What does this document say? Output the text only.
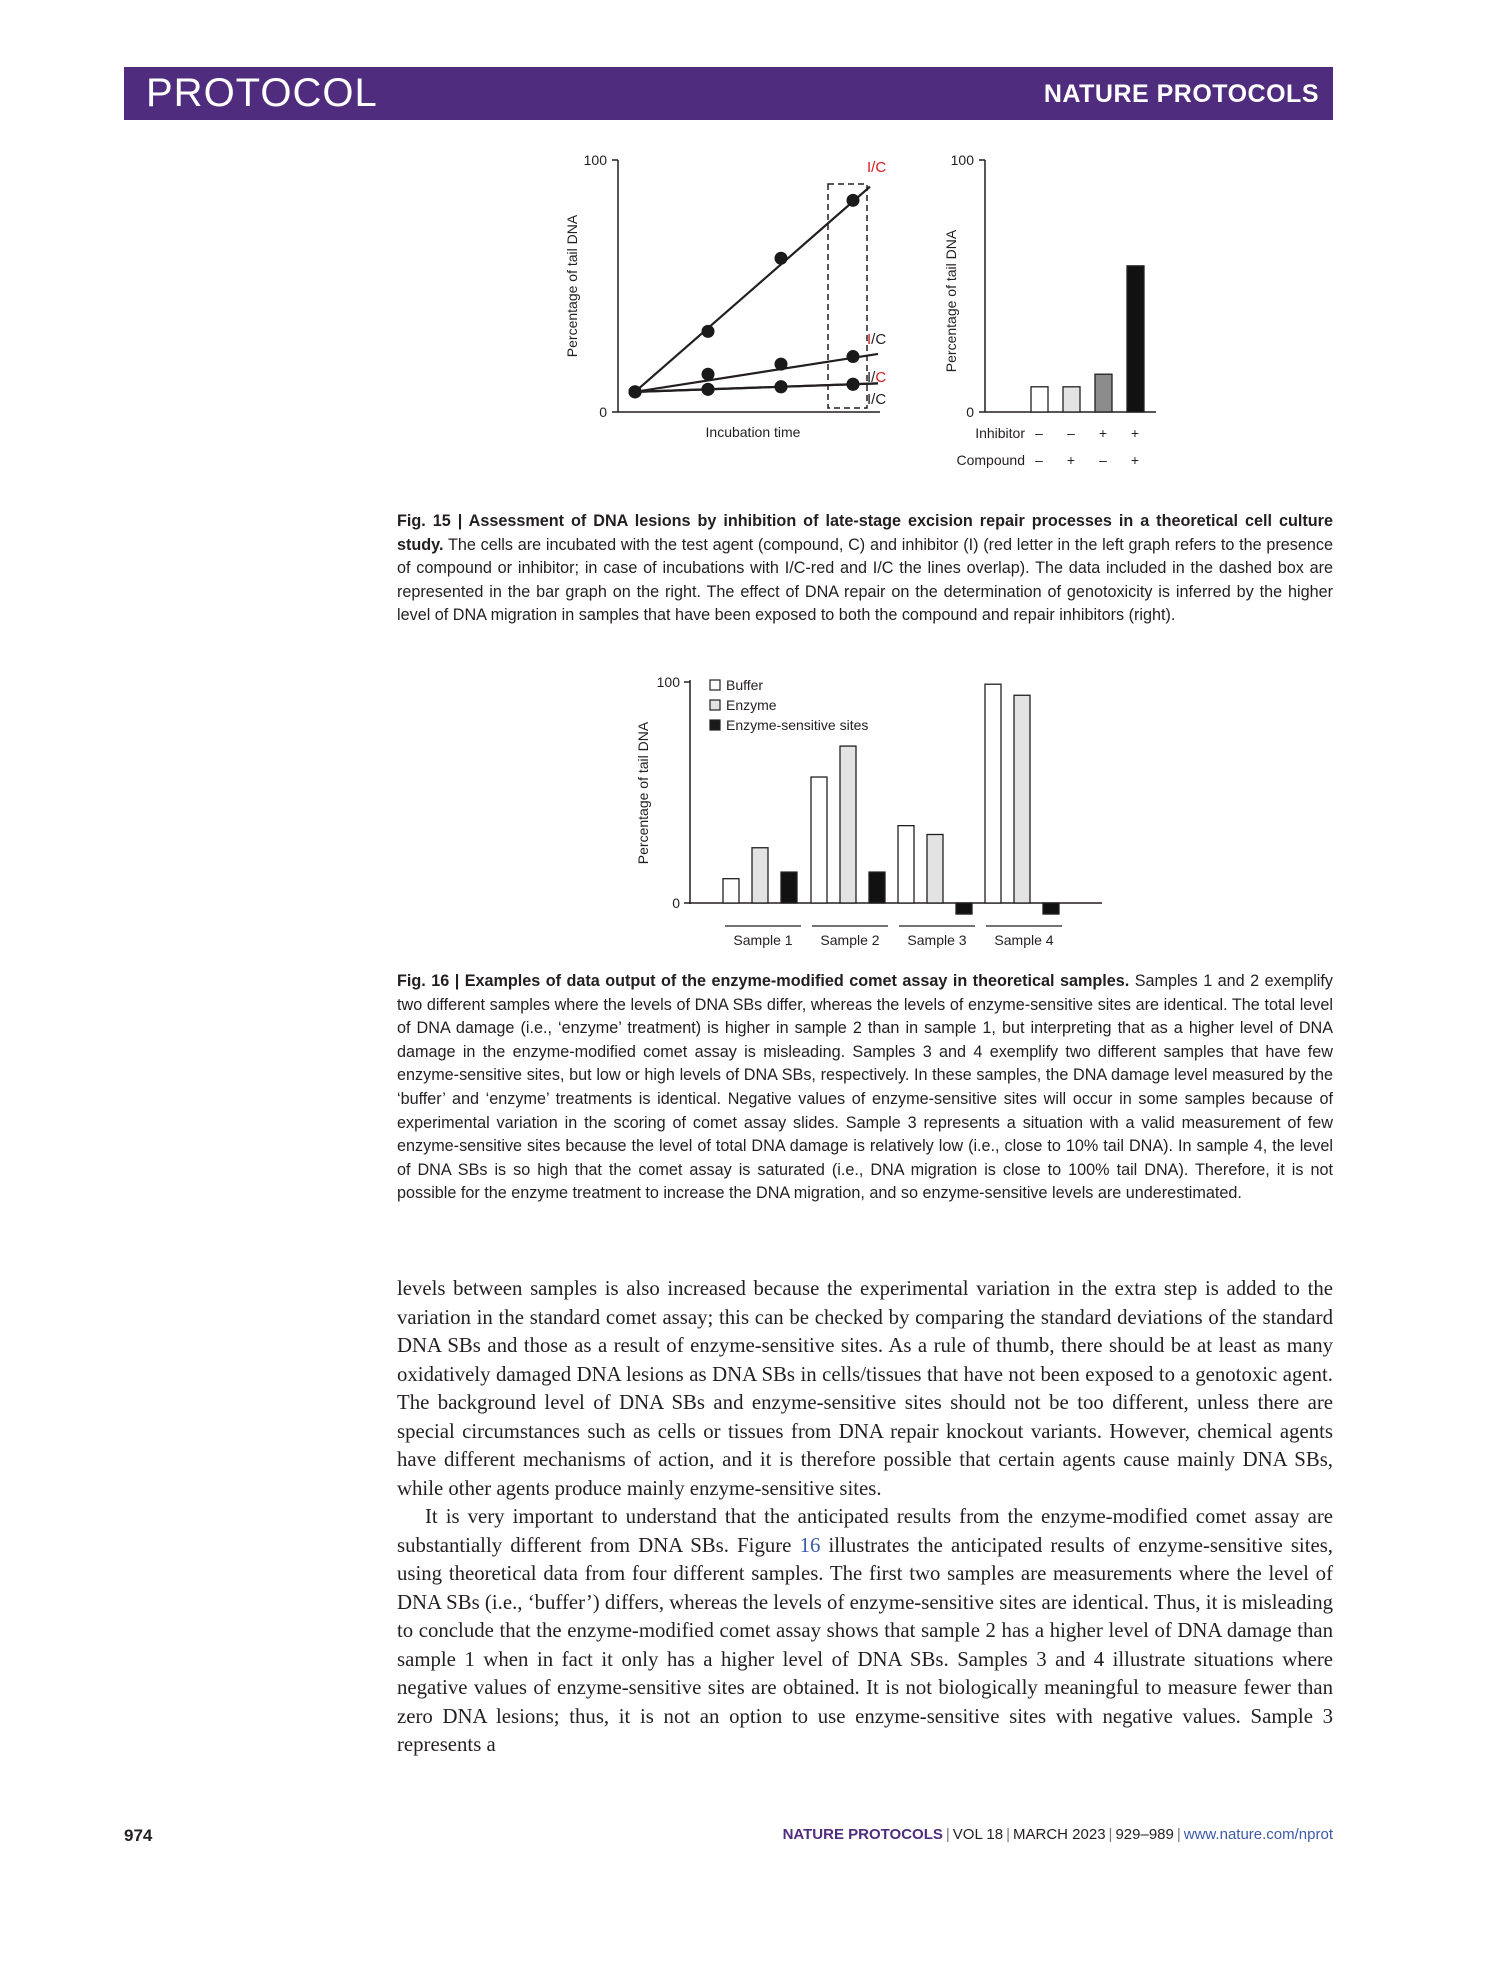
PROTOCOL	NATURE PROTOCOLS
100
0
Percentage of tail DNA
Incubation time
I/C
I/C
I/C
I/C
100
0
Percentage of tail DNA
Inhibitor
Compound
– – + +
– + – +
Fig. 15 | Assessment of DNA lesions by inhibition of late-stage excision repair processes in a theoretical cell culture study. The cells are incubated with the test agent (compound, C) and inhibitor (I) (red letter in the left graph refers to the presence of compound or inhibitor; in case of incubations with I/C-red and I/C the lines overlap). The data included in the dashed box are represented in the bar graph on the right. The effect of DNA repair on the determination of genotoxicity is inferred by the higher level of DNA migration in samples that have been exposed to both the compound and repair inhibitors (right).
100
0
Percentage of tail DNA
Buffer
Enzyme
Enzyme-sensitive sites
Sample 1 Sample 2 Sample 3 Sample 4
Fig. 16 | Examples of data output of the enzyme-modified comet assay in theoretical samples. Samples 1 and 2 exemplify two different samples where the levels of DNA SBs differ, whereas the levels of enzyme-sensitive sites are identical. The total level of DNA damage (i.e., ‘enzyme’ treatment) is higher in sample 2 than in sample 1, but interpreting that as a higher level of DNA damage in the enzyme-modified comet assay is misleading. Samples 3 and 4 exemplify two different samples that have few enzyme-sensitive sites, but low or high levels of DNA SBs, respectively. In these samples, the DNA damage level measured by the ‘buffer’ and ‘enzyme’ treatments is identical. Negative values of enzyme-sensitive sites will occur in some samples because of experimental variation in the scoring of comet assay slides. Sample 3 represents a situation with a valid measurement of few enzyme-sensitive sites because the level of total DNA damage is relatively low (i.e., close to 10% tail DNA). In sample 4, the level of DNA SBs is so high that the comet assay is saturated (i.e., DNA migration is close to 100% tail DNA). Therefore, it is not possible for the enzyme treatment to increase the DNA migration, and so enzyme-sensitive levels are underestimated.

levels between samples is also increased because the experimental variation in the extra step is added to the variation in the standard comet assay; this can be checked by comparing the standard deviations of the standard DNA SBs and those as a result of enzyme-sensitive sites. As a rule of thumb, there should be at least as many oxidatively damaged DNA lesions as DNA SBs in cells/tissues that have not been exposed to a genotoxic agent. The background level of DNA SBs and enzyme-sensitive sites should not be too different, unless there are special circumstances such as cells or tissues from DNA repair knockout variants. However, chemical agents have different mechanisms of action, and it is therefore possible that certain agents cause mainly DNA SBs, while other agents produce mainly enzyme-sensitive sites.

It is very important to understand that the anticipated results from the enzyme-modified comet assay are substantially different from DNA SBs. Figure 16 illustrates the anticipated results of enzyme-sensitive sites, using theoretical data from four different samples. The first two samples are measurements where the level of DNA SBs (i.e., ‘buffer’) differs, whereas the levels of enzyme-sensitive sites are identical. Thus, it is misleading to conclude that the enzyme-modified comet assay shows that sample 2 has a higher level of DNA damage than sample 1 when in fact it only has a higher level of DNA SBs. Samples 3 and 4 illustrate situations where negative values of enzyme-sensitive sites are obtained. It is not biologically meaningful to measure fewer than zero DNA lesions; thus, it is not an option to use enzyme-sensitive sites with negative values. Sample 3 represents a

974	NATURE PROTOCOLS | VOL 18 | MARCH 2023 | 929–989 | www.nature.com/nprot
